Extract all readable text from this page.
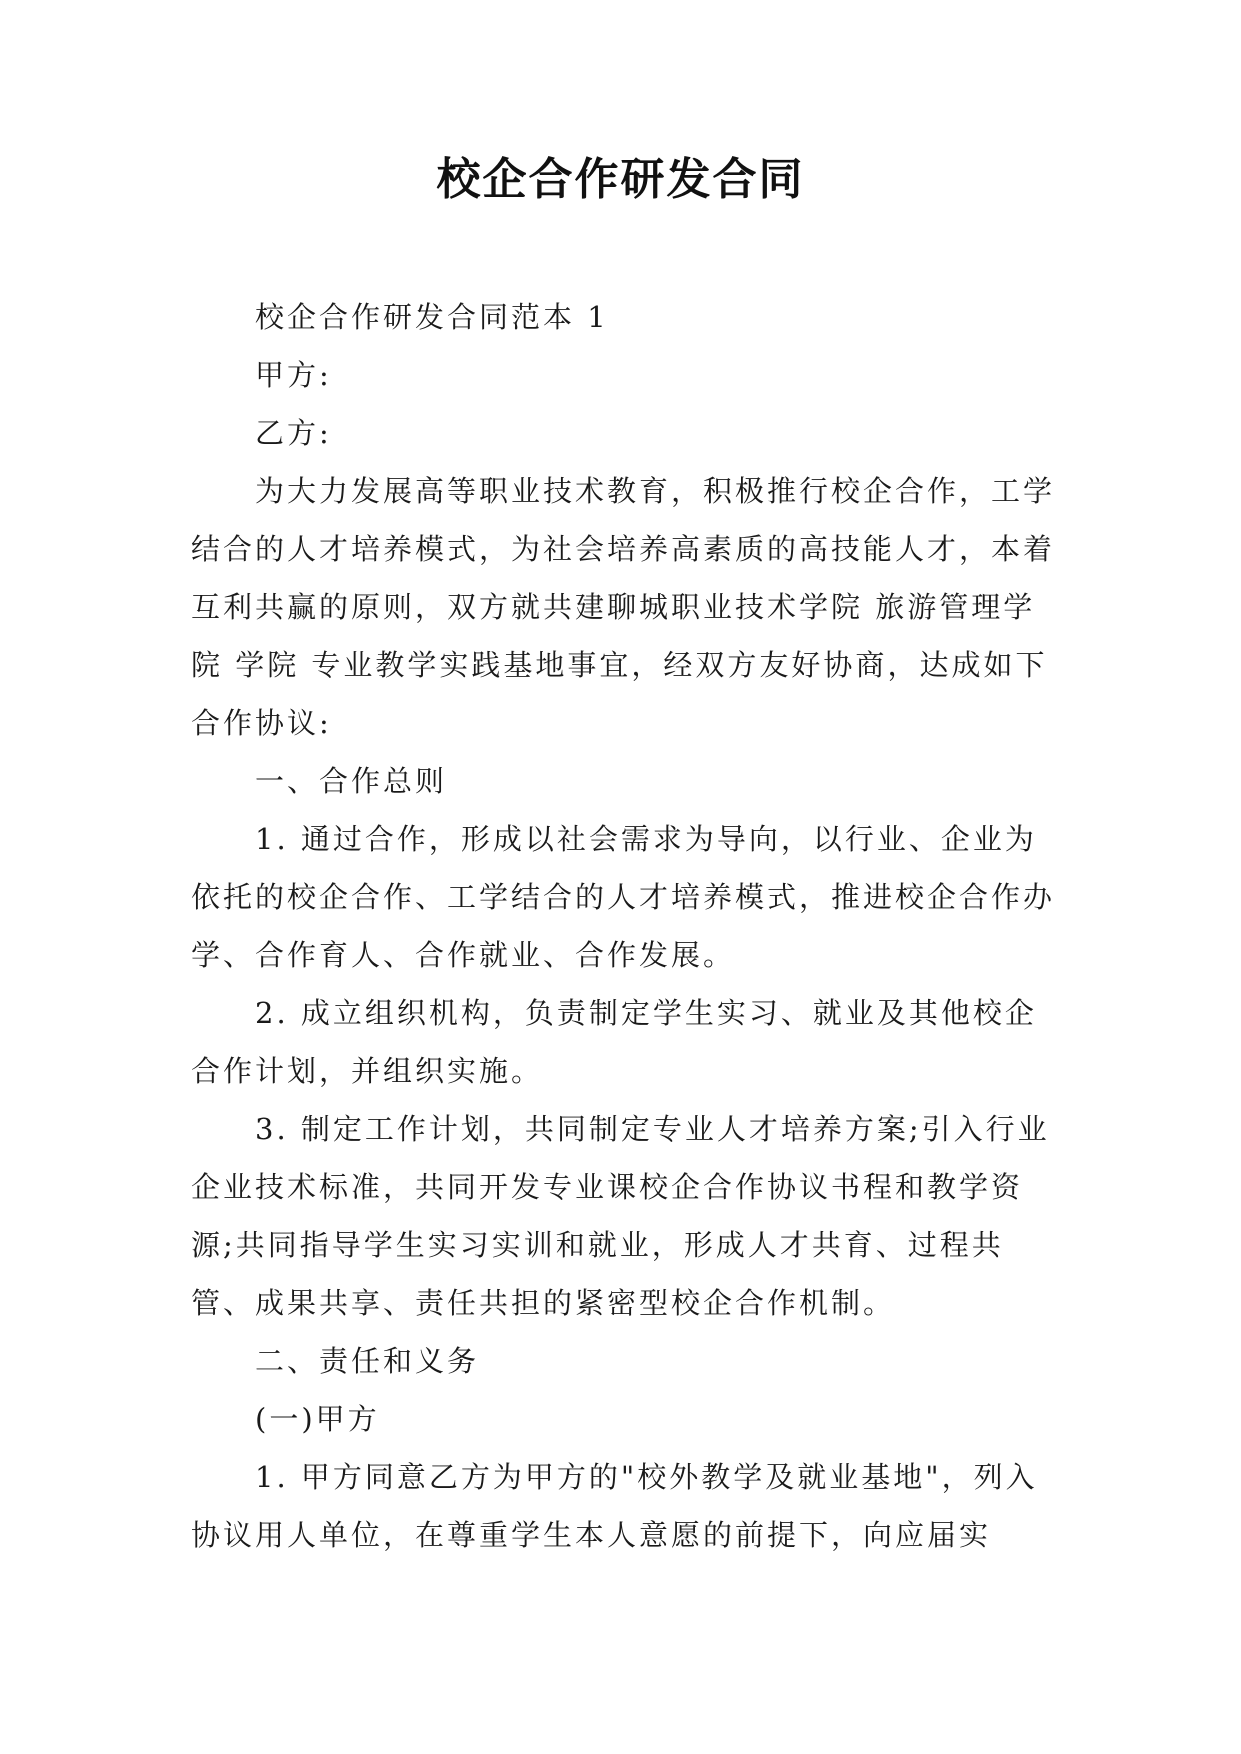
校企合作研发合同

校企合作研发合同范本 1

甲方:

乙方:

为大力发展高等职业技术教育，积极推行校企合作，工学结合的人才培养模式，为社会培养高素质的高技能人才，本着互利共赢的原则，双方就共建聊城职业技术学院 旅游管理学院 学院 专业教学实践基地事宜，经双方友好协商，达成如下合作协议:

一、合作总则

1. 通过合作，形成以社会需求为导向，以行业、企业为依托的校企合作、工学结合的人才培养模式，推进校企合作办学、合作育人、合作就业、合作发展。

2. 成立组织机构，负责制定学生实习、就业及其他校企合作计划，并组织实施。

3. 制定工作计划，共同制定专业人才培养方案;引入行业企业技术标准，共同开发专业课校企合作协议书程和教学资源;共同指导学生实习实训和就业，形成人才共育、过程共管、成果共享、责任共担的紧密型校企合作机制。

二、责任和义务

(一)甲方

1. 甲方同意乙方为甲方的"校外教学及就业基地"，列入协议用人单位，在尊重学生本人意愿的前提下，向应届实
